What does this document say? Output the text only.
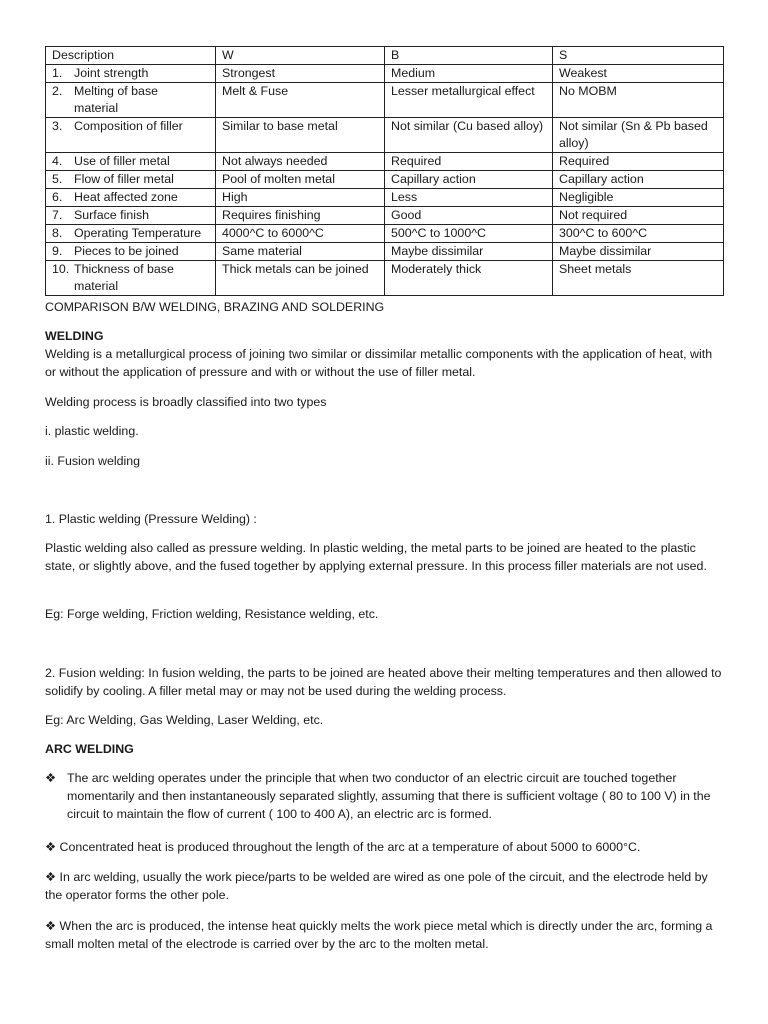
Description	W	B	S
1. Joint strength	Strongest	Medium	Weakest
2. Melting of base material	Melt & Fuse	Lesser metallurgical effect	No MOBM
3. Composition of filler	Similar to base metal	Not similar (Cu based alloy)	Not similar (Sn & Pb based alloy)
4. Use of filler metal	Not always needed	Required	Required
5. Flow of filler metal	Pool of molten metal	Capillary action	Capillary action
6. Heat affected zone	High	Less	Negligible
7. Surface finish	Requires finishing	Good	Not required
8. Operating Temperature	4000^C to 6000^C	500^C to 1000^C	300^C to 600^C
9. Pieces to be joined	Same material	Maybe dissimilar	Maybe dissimilar
10. Thickness of base material	Thick metals can be joined	Moderately thick	Sheet metals
COMPARISON B/W WELDING, BRAZING AND SOLDERING
WELDING
Welding is a metallurgical process of joining two similar or dissimilar metallic components with the application of heat, with or without the application of pressure and with or without the use of filler metal.
Welding process is broadly classified into two types
i. plastic welding.
ii. Fusion welding
1. Plastic welding (Pressure Welding) :
Plastic welding also called as pressure welding. In plastic welding, the metal parts to be joined are heated to the plastic state, or slightly above, and the fused together by applying external pressure. In this process filler materials are not used.
Eg: Forge welding, Friction welding, Resistance welding, etc.
2. Fusion welding: In fusion welding, the parts to be joined are heated above their melting temperatures and then allowed to solidify by cooling. A filler metal may or may not be used during the welding process.
Eg: Arc Welding, Gas Welding, Laser Welding, etc.
ARC WELDING
❖ The arc welding operates under the principle that when two conductor of an electric circuit are touched together momentarily and then instantaneously separated slightly, assuming that there is sufficient voltage ( 80 to 100 V) in the circuit to maintain the flow of current ( 100 to 400 A), an electric arc is formed.
❖ Concentrated heat is produced throughout the length of the arc at a temperature of about 5000 to 6000°C.
❖ In arc welding, usually the work piece/parts to be welded are wired as one pole of the circuit, and the electrode held by the operator forms the other pole.
❖ When the arc is produced, the intense heat quickly melts the work piece metal which is directly under the arc, forming a small molten metal of the electrode is carried over by the arc to the molten metal.
